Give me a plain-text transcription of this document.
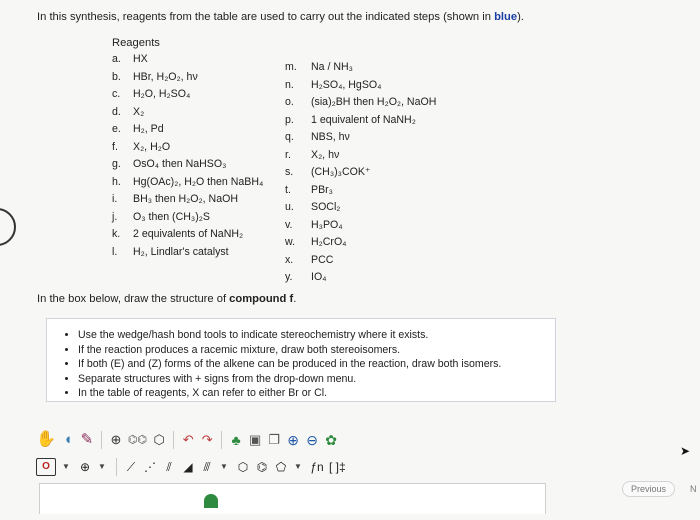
In this synthesis, reagents from the table are used to carry out the indicated steps (shown in blue).
Reagents
a. HX
b. HBr, H₂O₂, hν
c. H₂O, H₂SO₄
d. X₂
e. H₂, Pd
f. X₂, H₂O
g. OsO₄ then NaHSO₃
h. Hg(OAc)₂, H₂O then NaBH₄
i. BH₃ then H₂O₂, NaOH
j. O₃ then (CH₃)₂S
k. 2 equivalents of NaNH₂
l. H₂, Lindlar's catalyst
m. Na / NH₃
n. H₂SO₄, HgSO₄
o. (sia)₂BH then H₂O₂, NaOH
p. 1 equivalent of NaNH₂
q. NBS, hν
r. X₂, hν
s. (CH₃)₃COK⁺
t. PBr₃
u. SOCl₂
v. H₃PO₄
w. H₂CrO₄
x. PCC
y. IO₄
In the box below, draw the structure of compound f.
• Use the wedge/hash bond tools to indicate stereochemistry where it exists.
• If the reaction produces a racemic mixture, draw both stereoisomers.
• If both (E) and (Z) forms of the alkene can be produced in the reaction, draw both isomers.
• Separate structures with + signs from the drop-down menu.
• In the table of reagents, X can refer to either Br or Cl.
✋ ◖ ✎ ⊕ ⌬⌬ ⬡ ↶ ↷ ♣ ▣ ❐ ⊕ ⊖ ✿
O	▼ ⊕	▼ ⟋ ⋰ ⫽ ◢ ⫻	▼ ⬡ ⌬ ⬠ ▼ ƒn [ ]‡
Previous	N
➤
